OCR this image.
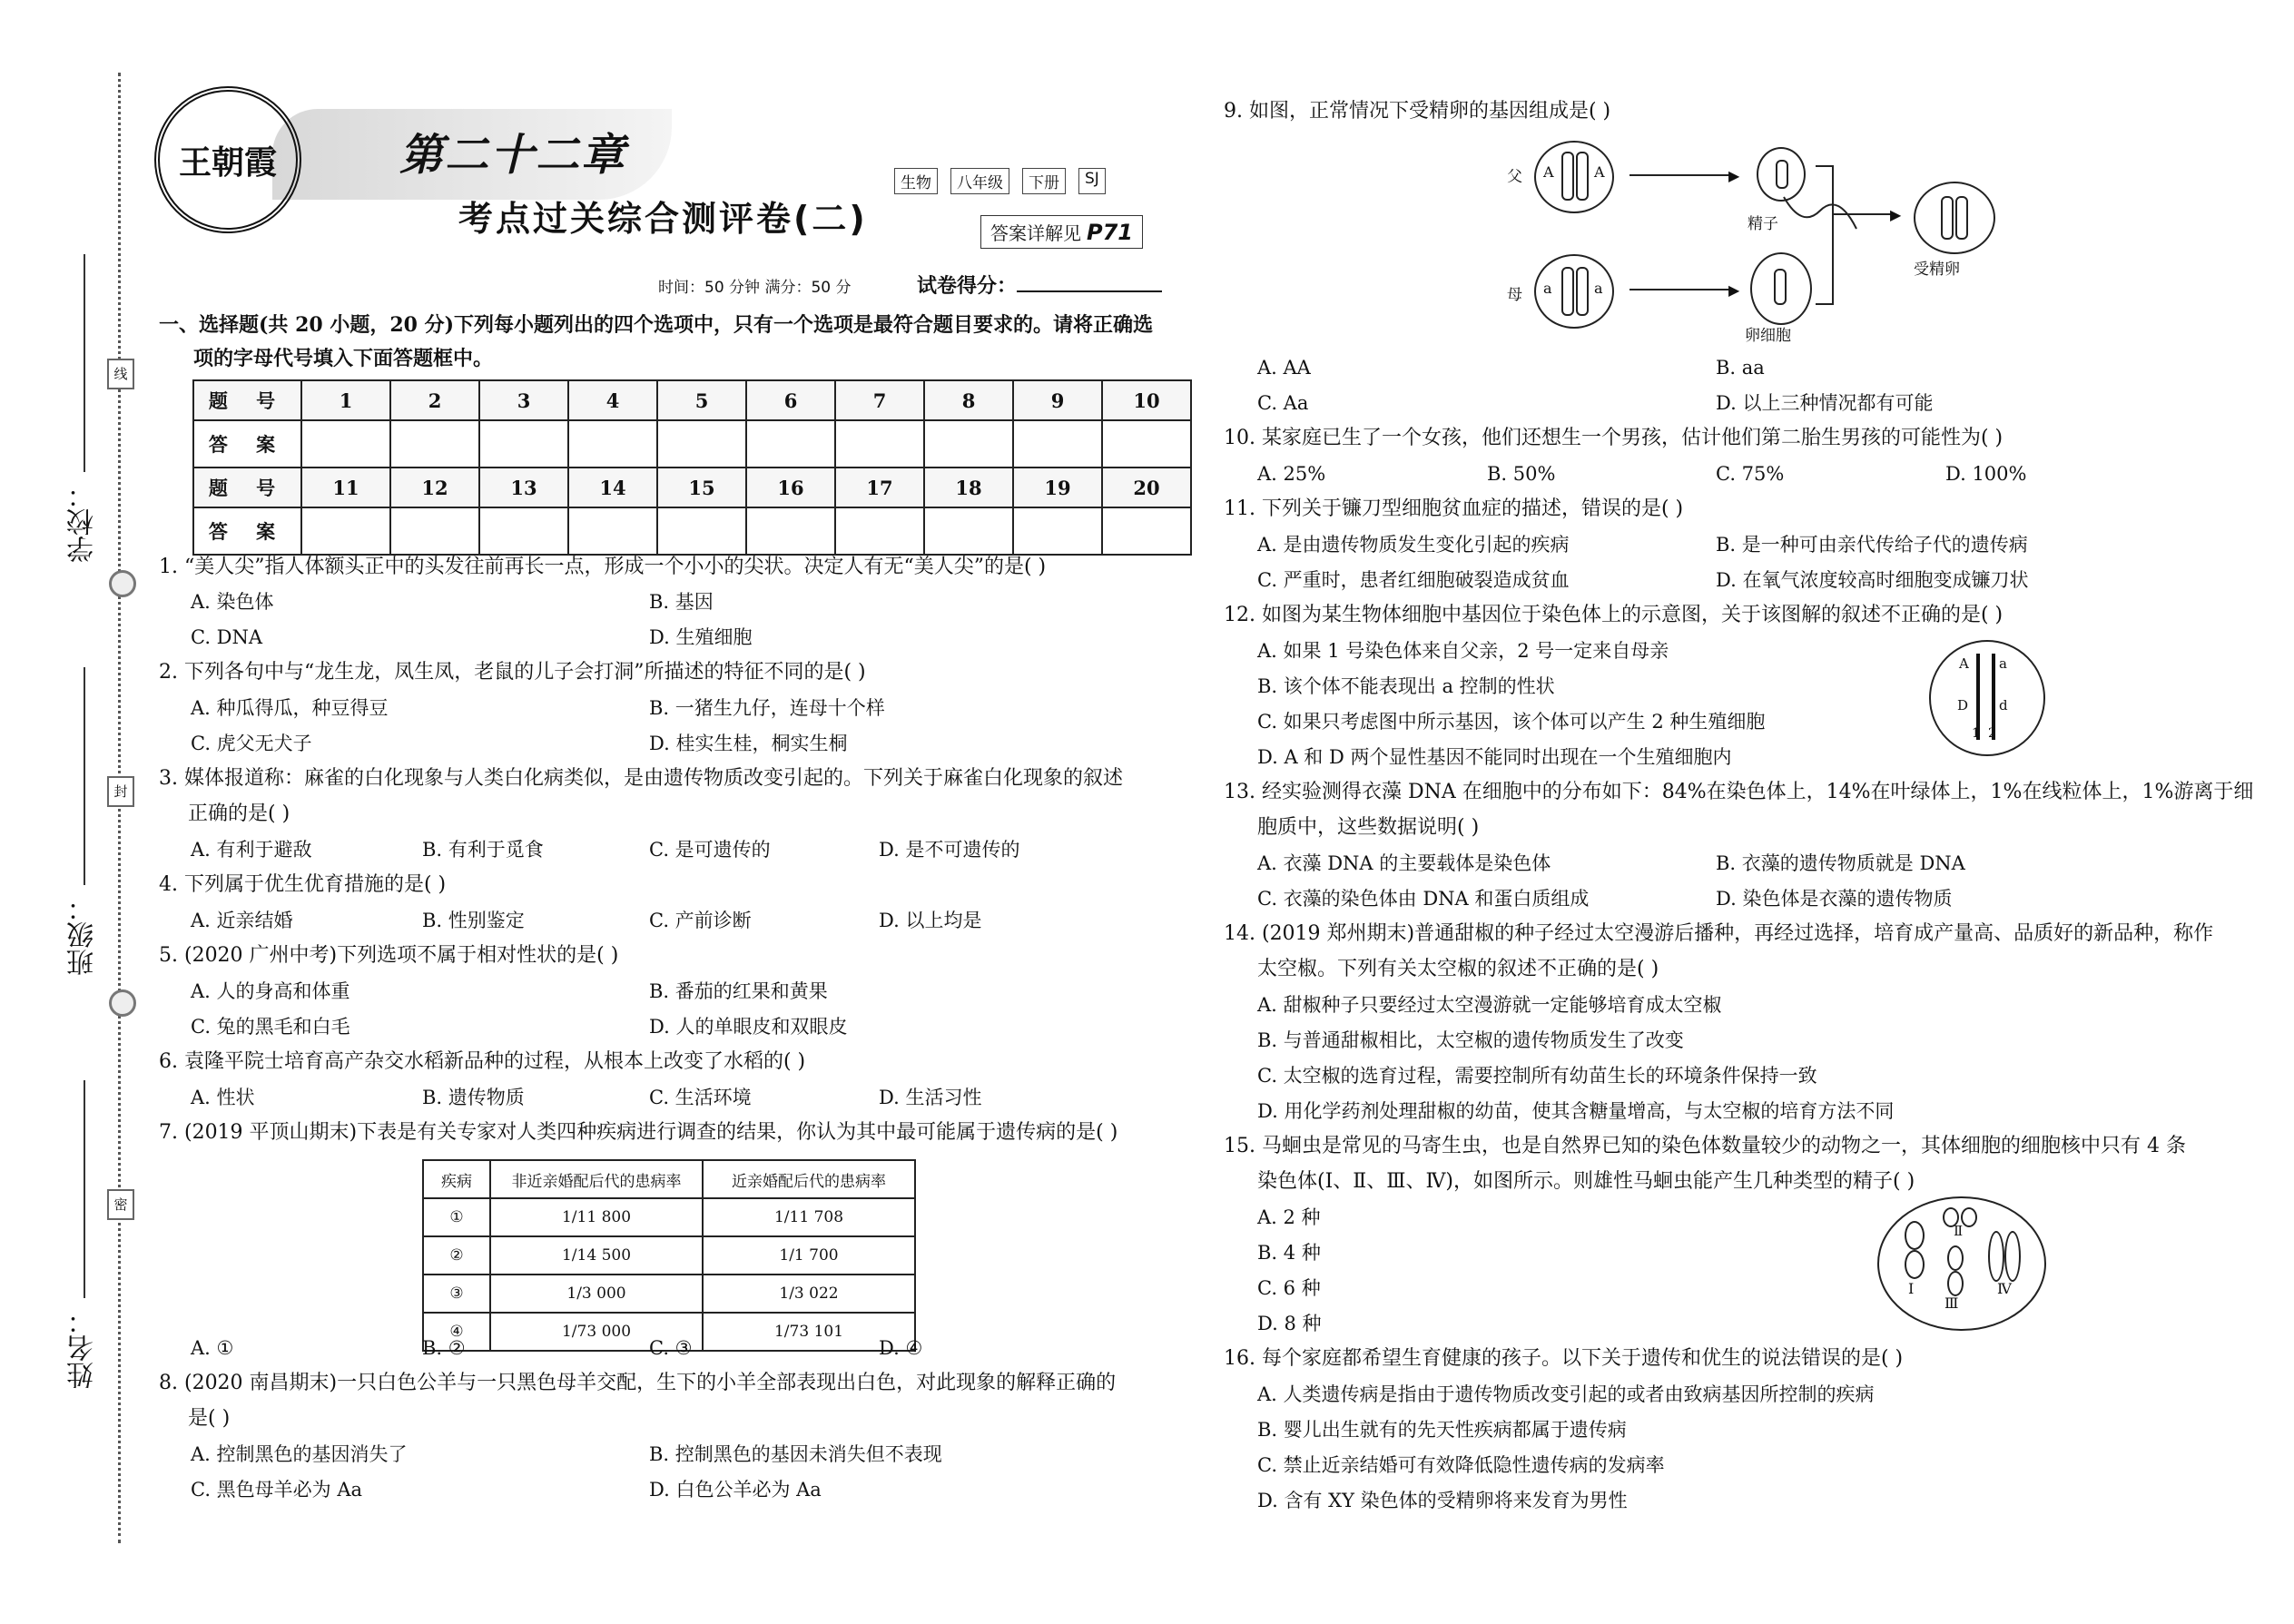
学校：
班级：
姓名：
线
封
密
王朝霞	第二十二章
考点过关综合测评卷(二)
生物	八年级	下册	SJ
答案详解见 P71
时间：50 分钟 满分：50 分	试卷得分：
一、选择题(共 20 小题，20 分)下列每小题列出的四个选项中，只有一个选项是最符合题目要求的。请将正确选
项的字母代号填入下面答题框中。
题 号	1	2	3	4	5	6	7	8	9	10
答 案										
题 号	11	12	13	14	15	16	17	18	19	20
答 案										
1. “美人尖”指人体额头正中的头发往前再长一点，形成一个小小的尖状。决定人有无“美人尖”的是( )
A. 染色体	B. 基因
C. DNA	D. 生殖细胞
2. 下列各句中与“龙生龙，凤生凤，老鼠的儿子会打洞”所描述的特征不同的是( )
A. 种瓜得瓜，种豆得豆	B. 一猪生九仔，连母十个样
C. 虎父无犬子	D. 桂实生桂，桐实生桐
3. 媒体报道称：麻雀的白化现象与人类白化病类似，是由遗传物质改变引起的。下列关于麻雀白化现象的叙述
正确的是( )
A. 有利于避敌	B. 有利于觅食	C. 是可遗传的	D. 是不可遗传的
4. 下列属于优生优育措施的是( )
A. 近亲结婚	B. 性别鉴定	C. 产前诊断	D. 以上均是
5. (2020 广州中考)下列选项不属于相对性状的是( )
A. 人的身高和体重	B. 番茄的红果和黄果
C. 兔的黑毛和白毛	D. 人的单眼皮和双眼皮
6. 袁隆平院士培育高产杂交水稻新品种的过程，从根本上改变了水稻的( )
A. 性状	B. 遗传物质	C. 生活环境	D. 生活习性
7. (2019 平顶山期末)下表是有关专家对人类四种疾病进行调查的结果，你认为其中最可能属于遗传病的是( )
疾病	非近亲婚配后代的患病率	近亲婚配后代的患病率
①	1/11 800	1/11 708
②	1/14 500	1/1 700
③	1/3 000	1/3 022
④	1/73 000	1/73 101
A. ①	B. ②	C. ③	D. ④
8. (2020 南昌期末)一只白色公羊与一只黑色母羊交配，生下的小羊全部表现出白色，对此现象的解释正确的
是( )
A. 控制黑色的基因消失了	B. 控制黑色的基因未消失但不表现
C. 黑色母羊必为 Aa	D. 白色公羊必为 Aa
9. 如图，正常情况下受精卵的基因组成是( )
父 A	A	▶
精子
母 a	a	▶
卵细胞
▶
受精卵
A. AA	B. aa
C. Aa	D. 以上三种情况都有可能
10. 某家庭已生了一个女孩，他们还想生一个男孩，估计他们第二胎生男孩的可能性为( )
A. 25%	B. 50%	C. 75%	D. 100%
11. 下列关于镰刀型细胞贫血症的描述，错误的是( )
A. 是由遗传物质发生变化引起的疾病	B. 是一种可由亲代传给子代的遗传病
C. 严重时，患者红细胞破裂造成贫血	D. 在氧气浓度较高时细胞变成镰刀状
12. 如图为某生物体细胞中基因位于染色体上的示意图，关于该图解的叙述不正确的是( )
A. 如果 1 号染色体来自父亲，2 号一定来自母亲
B. 该个体不能表现出 a 控制的性状
C. 如果只考虑图中所示基因，该个体可以产生 2 种生殖细胞
D. A 和 D 两个显性基因不能同时出现在一个生殖细胞内
A a
D d
1 2
13. 经实验测得衣藻 DNA 在细胞中的分布如下：84%在染色体上，14%在叶绿体上，1%在线粒体上，1%游离于细
胞质中，这些数据说明( )
A. 衣藻 DNA 的主要载体是染色体	B. 衣藻的遗传物质就是 DNA
C. 衣藻的染色体由 DNA 和蛋白质组成	D. 染色体是衣藻的遗传物质
14. (2019 郑州期末)普通甜椒的种子经过太空漫游后播种，再经过选择，培育成产量高、品质好的新品种，称作
太空椒。下列有关太空椒的叙述不正确的是( )
A. 甜椒种子只要经过太空漫游就一定能够培育成太空椒
B. 与普通甜椒相比，太空椒的遗传物质发生了改变
C. 太空椒的选育过程，需要控制所有幼苗生长的环境条件保持一致
D. 用化学药剂处理甜椒的幼苗，使其含糖量增高，与太空椒的培育方法不同
15. 马蛔虫是常见的马寄生虫，也是自然界已知的染色体数量较少的动物之一，其体细胞的细胞核中只有 4 条
染色体(Ⅰ、Ⅱ、Ⅲ、Ⅳ)，如图所示。则雄性马蛔虫能产生几种类型的精子( )
A. 2 种
B. 4 种
C. 6 种
D. 8 种
Ⅰ
Ⅱ
Ⅲ
Ⅳ
16. 每个家庭都希望生育健康的孩子。以下关于遗传和优生的说法错误的是( )
A. 人类遗传病是指由于遗传物质改变引起的或者由致病基因所控制的疾病
B. 婴儿出生就有的先天性疾病都属于遗传病
C. 禁止近亲结婚可有效降低隐性遗传病的发病率
D. 含有 XY 染色体的受精卵将来发育为男性
